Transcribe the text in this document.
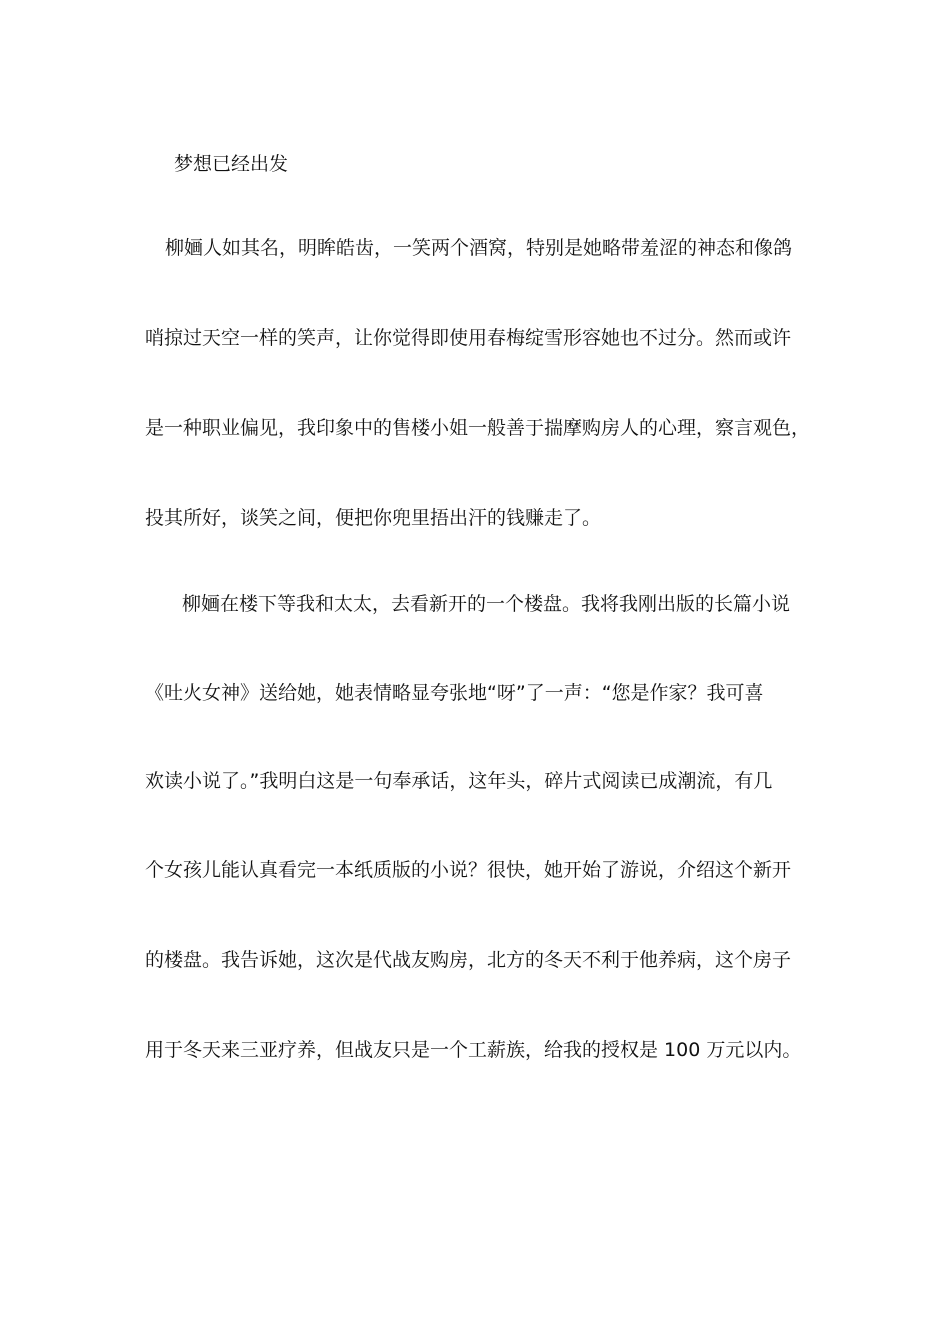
梦想已经出发
柳婳人如其名，明眸皓齿，一笑两个酒窝，特别是她略带羞涩的神态和像鸽
哨掠过天空一样的笑声，让你觉得即使用春梅绽雪形容她也不过分。然而或许
是一种职业偏见，我印象中的售楼小姐一般善于揣摩购房人的心理，察言观色，
投其所好，谈笑之间，便把你兜里捂出汗的钱赚走了。
柳婳在楼下等我和太太，去看新开的一个楼盘。我将我刚出版的长篇小说
《吐火女神》送给她，她表情略显夸张地“呀”了一声：“您是作家？我可喜
欢读小说了。”我明白这是一句奉承话，这年头，碎片式阅读已成潮流，有几
个女孩儿能认真看完一本纸质版的小说？很快，她开始了游说，介绍这个新开
的楼盘。我告诉她，这次是代战友购房，北方的冬天不利于他养病，这个房子
用于冬天来三亚疗养，但战友只是一个工薪族，给我的授权是 100 万元以内。
